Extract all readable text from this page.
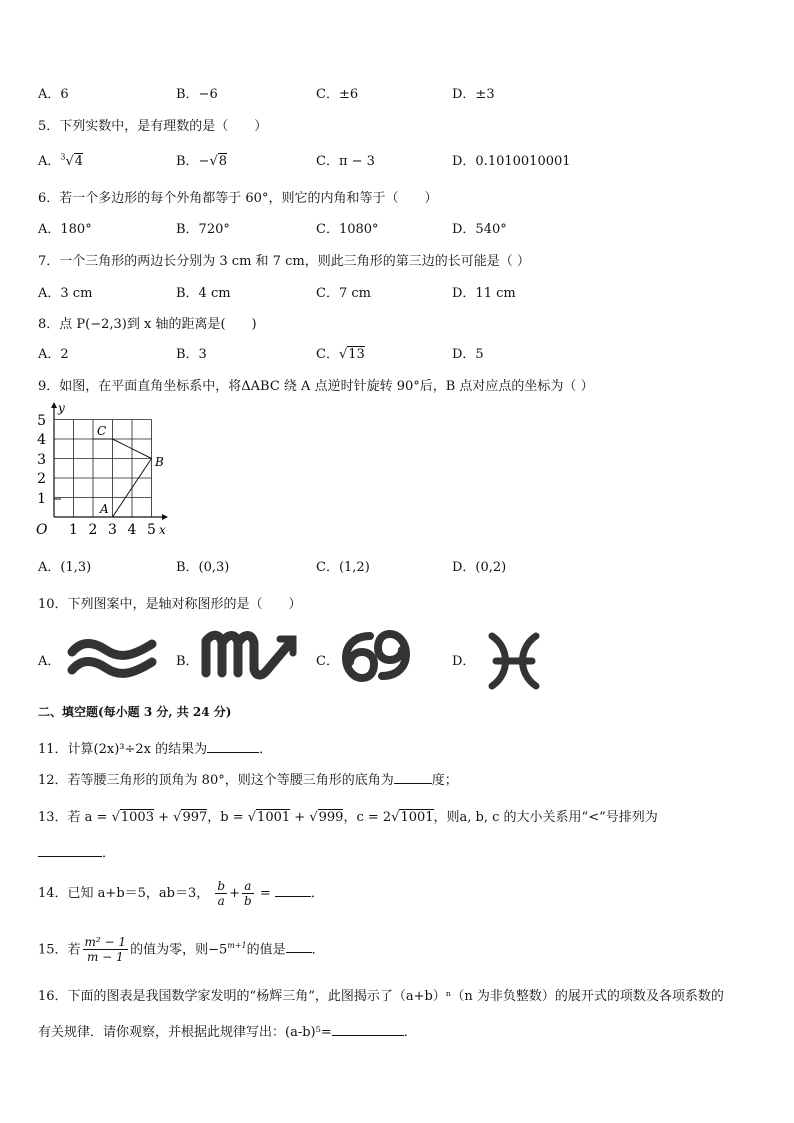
A．6	B．−6	C．±6	D．±3
5．下列实数中，是有理数的是（　　）
A．$^3$√4	B．−√8	C．π − 3	D．0.1010010001
6．若一个多边形的每个外角都等于 60°，则它的内角和等于（　　）
A．180°	B．720°	C．1080°	D．540°
7．一个三角形的两边长分别为 3 cm 和 7 cm，则此三角形的第三边的长可能是（ ）
A．3 cm	B．4 cm	C．7 cm	D．11 cm
8．点 P(−2,3)到 x 轴的距离是(　　)
A．2	B．3	C．√13	D．5
9．如图，在平面直角坐标系中，将ΔABC 绕 A 点逆时针旋转 90°后，B 点对应点的坐标为（ ）
5
4
3
2
1
1 2 3 4 5
O	x
y
C
B
A
A．(1,3)	B．(0,3)	C．(1,2)	D．(0,2)
10．下列图案中，是轴对称图形的是（　　）
A．	B．	C．	D．
二、填空题(每小题 3 分, 共 24 分)
11．计算(2x)³÷2x 的结果为	．
12．若等腰三角形的顶角为 80°，则这个等腰三角形的底角为	度；
13．若 a = √1003 + √997，b = √1001 + √999，c = 2√1001，则a, b, c 的大小关系用“<”号排列为
．
14．已知 a+b＝5，ab＝3， $\frac{b}{a} + \frac{a}{b}$ =	．
15．若 $\frac{\text{m² − 1}}{m - 1}$ 的值为零，则$-5^{m+1}$的值是 ．
16．下面的图表是我国数学家发明的“杨辉三角”，此图揭示了（a+b）ⁿ（n 为非负整数）的展开式的项数及各项系数的
有关规律．请你观察，并根据此规律写出：(a-b)⁵=	．
